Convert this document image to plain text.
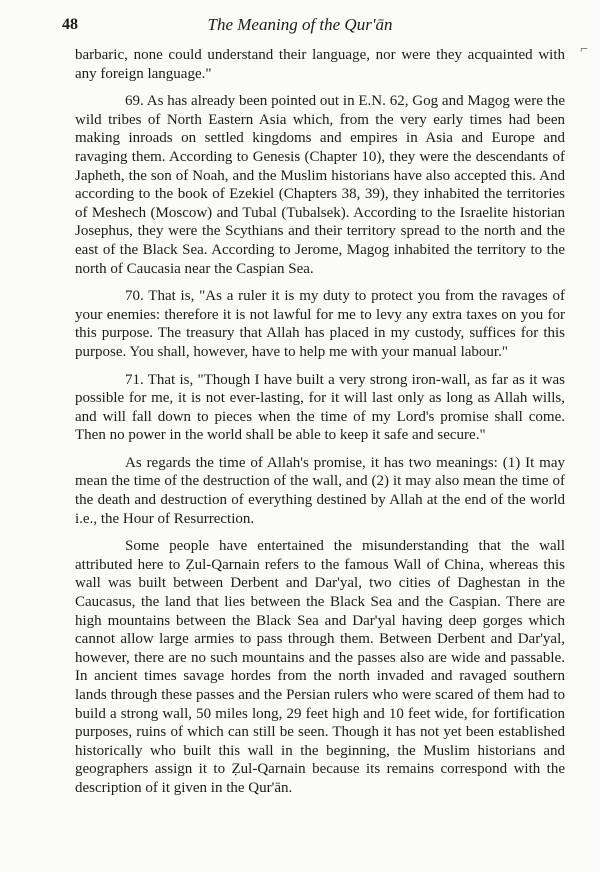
48	The Meaning of the Qur'ān
⌐

barbaric, none could understand their language, nor were they acquainted with any foreign language."

69. As has already been pointed out in E.N. 62, Gog and Magog were the wild tribes of North Eastern Asia which, from the very early times had been making inroads on settled kingdoms and empires in Asia and Europe and ravaging them. According to Genesis (Chapter 10), they were the descendants of Japheth, the son of Noah, and the Muslim historians have also accepted this. And according to the book of Ezekiel (Chapters 38, 39), they inhabited the territories of Meshech (Moscow) and Tubal (Tubalsek). According to the Israelite historian Josephus, they were the Scythians and their territory spread to the north and the east of the Black Sea. According to Jerome, Magog inhabited the territory to the north of Caucasia near the Caspian Sea.

70. That is, "As a ruler it is my duty to protect you from the ravages of your enemies: therefore it is not lawful for me to levy any extra taxes on you for this purpose. The treasury that Allah has placed in my custody, suffices for this purpose. You shall, however, have to help me with your manual labour."

71. That is, "Though I have built a very strong iron-wall, as far as it was possible for me, it is not ever-lasting, for it will last only as long as Allah wills, and will fall down to pieces when the time of my Lord's promise shall come. Then no power in the world shall be able to keep it safe and secure."

As regards the time of Allah's promise, it has two meanings: (1) It may mean the time of the destruction of the wall, and (2) it may also mean the time of the death and destruction of everything destined by Allah at the end of the world i.e., the Hour of Resurrection.

Some people have entertained the misunderstanding that the wall attributed here to Ẓul-Qarnain refers to the famous Wall of China, whereas this wall was built between Derbent and Dar'yal, two cities of Daghestan in the Caucasus, the land that lies between the Black Sea and the Caspian. There are high mountains between the Black Sea and Dar'yal having deep gorges which cannot allow large armies to pass through them. Between Derbent and Dar'yal, however, there are no such mountains and the passes also are wide and passable. In ancient times savage hordes from the north invaded and ravaged southern lands through these passes and the Persian rulers who were scared of them had to build a strong wall, 50 miles long, 29 feet high and 10 feet wide, for fortification purposes, ruins of which can still be seen. Though it has not yet been established historically who built this wall in the beginning, the Muslim historians and geographers assign it to Ẓul-Qarnain because its remains correspond with the description of it given in the Qur'ān.
